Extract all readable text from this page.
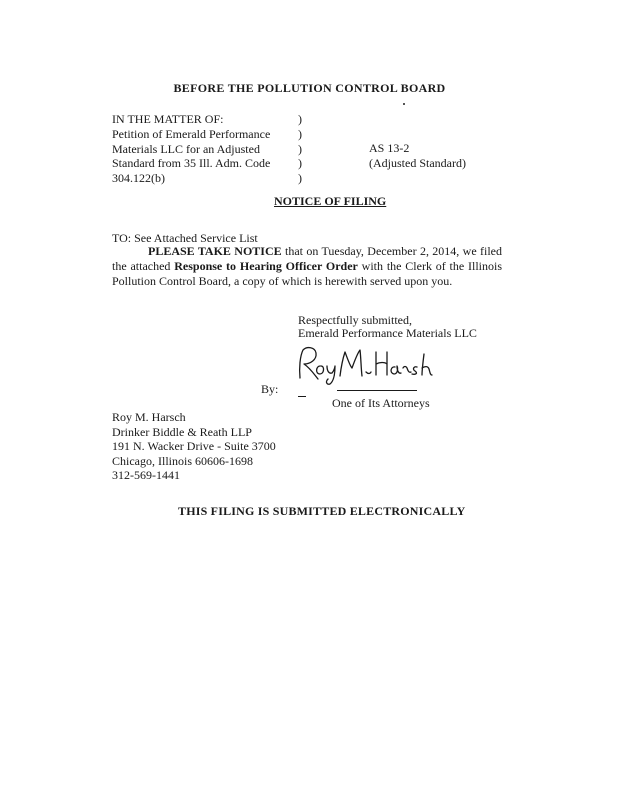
BEFORE THE POLLUTION CONTROL BOARD
IN THE MATTER OF:
Petition of Emerald Performance
Materials LLC for an Adjusted
Standard from 35 Ill. Adm. Code
304.122(b)
)
)
)
)
)
AS 13-2
(Adjusted Standard)
NOTICE OF FILING
TO: See Attached Service List
PLEASE TAKE NOTICE that on Tuesday, December 2, 2014, we filed the attached Response to Hearing Officer Order with the Clerk of the Illinois Pollution Control Board, a copy of which is herewith served upon you.
Respectfully submitted,
Emerald Performance Materials LLC
By:
One of Its Attorneys
Roy M. Harsch
Drinker Biddle & Reath LLP
191 N. Wacker Drive - Suite 3700
Chicago, Illinois 60606-1698
312-569-1441
THIS FILING IS SUBMITTED ELECTRONICALLY
